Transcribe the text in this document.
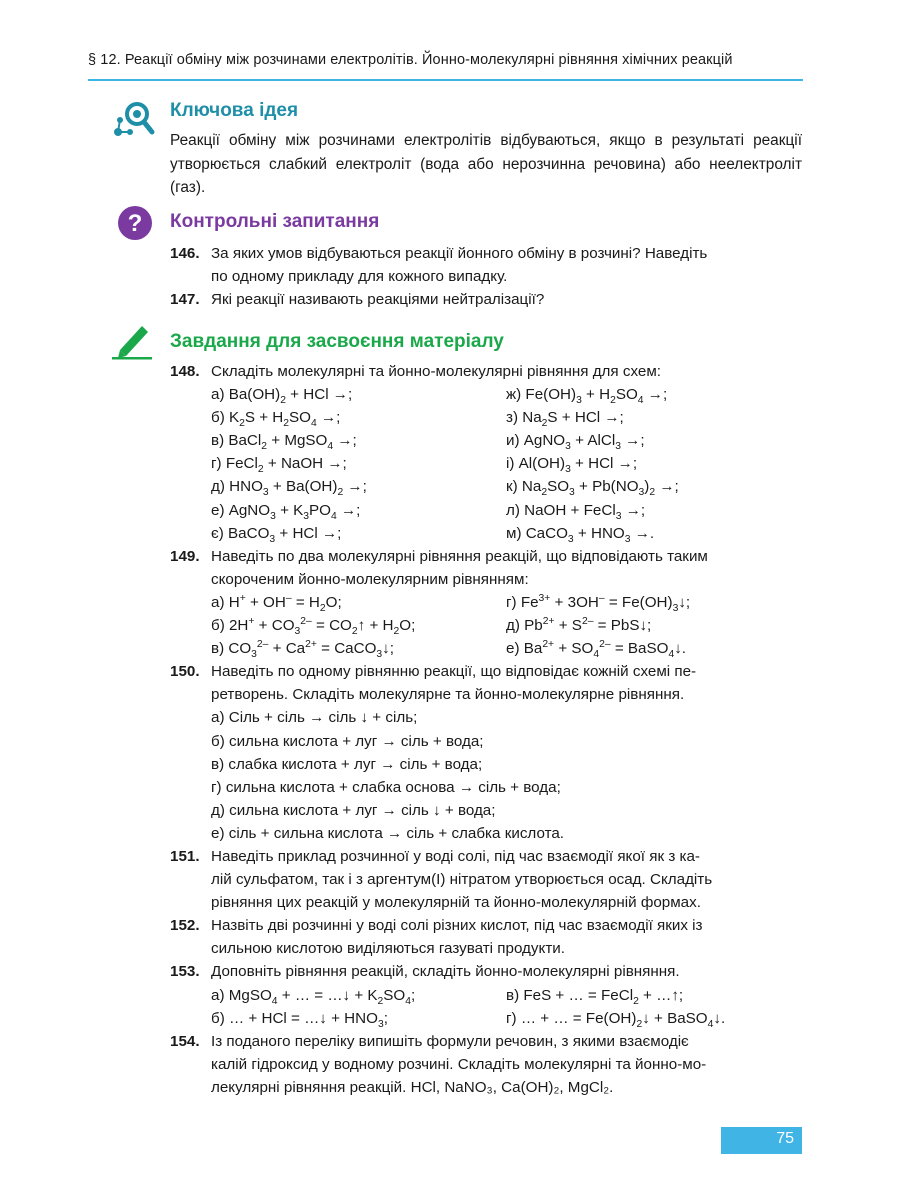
§ 12. Реакції обміну між розчинами електролітів. Йонно-молекулярні рівняння хімічних реакцій
Ключова ідея
Реакції обміну між розчинами електролітів відбуваються, якщо в результаті реакції утворюється слабкий електроліт (вода або нерозчинна речовина) або неелектроліт (газ).
? Контрольні запитання
146. За яких умов відбуваються реакції йонного обміну в розчині? Наведіть
по одному прикладу для кожного випадку.
147. Які реакції називають реакціями нейтралізації?
Завдання для засвоєння матеріалу
148. Складіть молекулярні та йонно-молекулярні рівняння для схем:
а) $Ba(OH)_2$ + HCl →;	ж) $Fe(OH)_3 + H_2SO_4$ →;
б) $K_2S + H_2SO_4$ →;	з) $Na_2S$ + HCl →;
в) BaCl$_2$ + MgSO$_4$ →;	и) AgNO$_3$ + AlCl$_3$ →;
г) FeCl$_2$ + NaOH →;	і) $Al(OH)_3$ + HCl →;
д) $HNO_3 + Ba(OH)_2$ →;	к) $Na_2SO_3 + Pb(NO_3)_2$ →;
е) AgNO$_3$ + $K_3PO_4$ →;	л) NaOH + FeCl$_3$ →;
є) BaCO$_3$ + HCl →;	м) CaCO$_3$ + $HNO_3$ →.
149. Наведіть по два молекулярні рівняння реакцій, що відповідають таким
скороченим йонно-молекулярним рівнянням:
а) $H^+ + OH^- = H_2O$;	г) $Fe^{3+} + 3OH^-$ = $Fe(OH)_3↓$;
б) $2H^+ + CO_3^{2-}$ = $CO_2↑ + H_2O$;	д) $Pb^{2+} + S^{2-}$ = PbS↓;
в) $CO_3^{2-} + Ca^{2+}$ = CaCO$_3$↓;	е) $Ba^{2+} + SO_4^{2-}$ = BaSO$_4$↓.
150. Наведіть по одному рівнянню реакції, що відповідає кожній схемі пе-
ретворень. Складіть молекулярне та йонно-молекулярне рівняння.
а) Сіль + сіль → сіль ↓ + сіль;
б) сильна кислота + луг → сіль + вода;
в) слабка кислота + луг → сіль + вода;
г) сильна кислота + слабка основа → сіль + вода;
д) сильна кислота + луг → сіль ↓ + вода;
е) сіль + сильна кислота → сіль + слабка кислота.
151. Наведіть приклад розчинної у воді солі, під час взаємодії якої як з ка-
лій сульфатом, так і з аргентум(І) нітратом утворюється осад. Складіть
рівняння цих реакцій у молекулярній та йонно-молекулярній формах.
152. Назвіть дві розчинні у воді солі різних кислот, під час взаємодії яких із
сильною кислотою виділяються газуваті продукти.
153. Доповніть рівняння реакцій, складіть йонно-молекулярні рівняння.
а) MgSO$_4$ + … = …↓ + $K_2SO_4$;	в) FeS + … = FeCl$_2$ + …↑;
б) … + HCl = …↓ + $HNO_3$;	г) … + … = $Fe(OH)_2↓$ + BaSO$_4$↓.
154. Із поданого переліку випишіть формули речовин, з якими взаємодіє
калій гідроксид у водному розчині. Складіть молекулярні та йонно-мо-
лекулярні рівняння реакцій. HCl, NaNO₃, Ca(OH)₂, MgCl₂.
75
